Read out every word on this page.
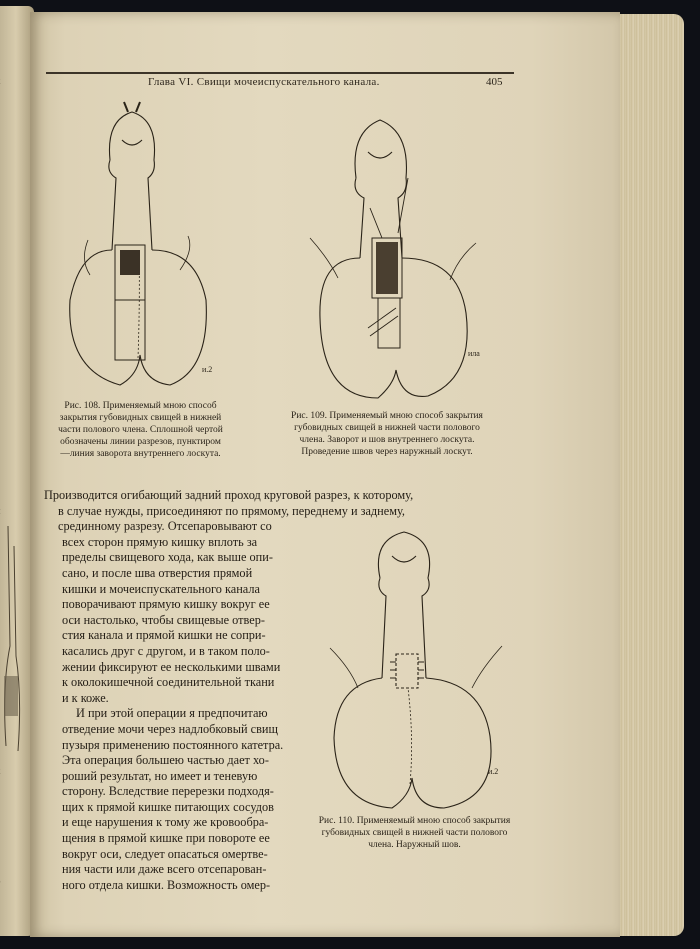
Глава VI. Свищи мочеиспускательного канала.	405
и.2
Рис. 108. Применяемый мною способ закрытия губовидных свищей в нижней части полового члена. Сплошной чертой обозначены линии разрезов, пунктиром—линия заворота внутреннего лоскута.
ила
Рис. 109. Применяемый мною способ закрытия губовидных свищей в нижней части полового члена. Заворот и шов внутреннего лоскута. Проведение швов через наружный лоскут.
Производится огибающий задний проход круговой разрез, к которому,
в случае нужды, присоединяют по прямому, переднему и заднему,
срединному разрезу. Отсепаровывают со
всех сторон прямую кишку вплоть за
пределы свищевого хода, как выше опи-
сано, и после шва отверстия прямой
кишки и мочеиспускательного канала
поворачивают прямую кишку вокруг ее
оси настолько, чтобы свищевые отвер-
стия канала и прямой кишки не сопри-
касались друг с другом, и в таком поло-
жении фиксируют ее несколькими швами
к околокишечной соединительной ткани
и к коже.
И при этой операции я предпочитаю
отведение мочи через надлобковый свищ
пузыря применению постоянного катетра.
Эта операция большею частью дает хо-
роший результат, но имеет и теневую
сторону. Вследствие перерезки подходя-
щих к прямой кишке питающих сосудов
и еще нарушения к тому же кровообра-
щения в прямой кишке при повороте ее
вокруг оси, следует опасаться омертве-
ния части или даже всего отсепарован-
ного отдела кишки. Возможность омер-
и.2
Рис. 110. Применяемый мною способ закрытия губовидных свищей в нижней части полового члена. Наружный шов.
